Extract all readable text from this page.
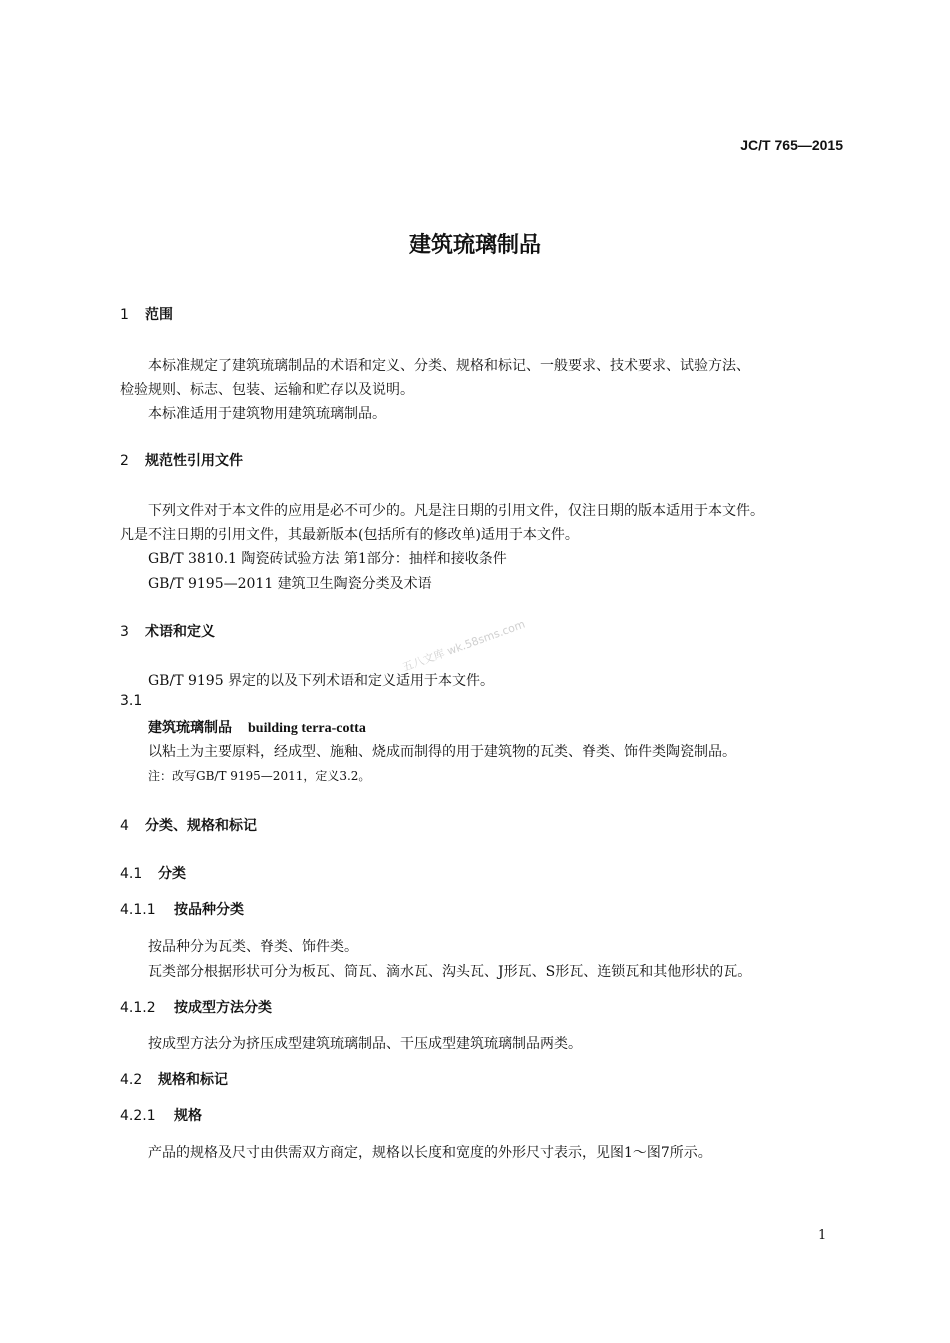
JC/T 765—2015
建筑琉璃制品
1 范围
本标准规定了建筑琉璃制品的术语和定义、分类、规格和标记、一般要求、技术要求、试验方法、
检验规则、标志、包装、运输和贮存以及说明。
本标准适用于建筑物用建筑琉璃制品。
2 规范性引用文件
下列文件对于本文件的应用是必不可少的。凡是注日期的引用文件，仅注日期的版本适用于本文件。
凡是不注日期的引用文件，其最新版本(包括所有的修改单)适用于本文件。
GB/T 3810.1 陶瓷砖试验方法 第1部分：抽样和接收条件
GB/T 9195—2011 建筑卫生陶瓷分类及术语
3 术语和定义
GB/T 9195 界定的以及下列术语和定义适用于本文件。
3.1
建筑琉璃制品 building terra-cotta
以粘土为主要原料，经成型、施釉、烧成而制得的用于建筑物的瓦类、脊类、饰件类陶瓷制品。
注：改写GB/T 9195—2011，定义3.2。
4 分类、规格和标记
4.1 分类
4.1.1 按品种分类
按品种分为瓦类、脊类、饰件类。
瓦类部分根据形状可分为板瓦、筒瓦、滴水瓦、沟头瓦、J形瓦、S形瓦、连锁瓦和其他形状的瓦。
4.1.2 按成型方法分类
按成型方法分为挤压成型建筑琉璃制品、干压成型建筑琉璃制品两类。
4.2 规格和标记
4.2.1 规格
产品的规格及尺寸由供需双方商定，规格以长度和宽度的外形尺寸表示，见图1～图7所示。
五八文库 wk.58sms.com
1
